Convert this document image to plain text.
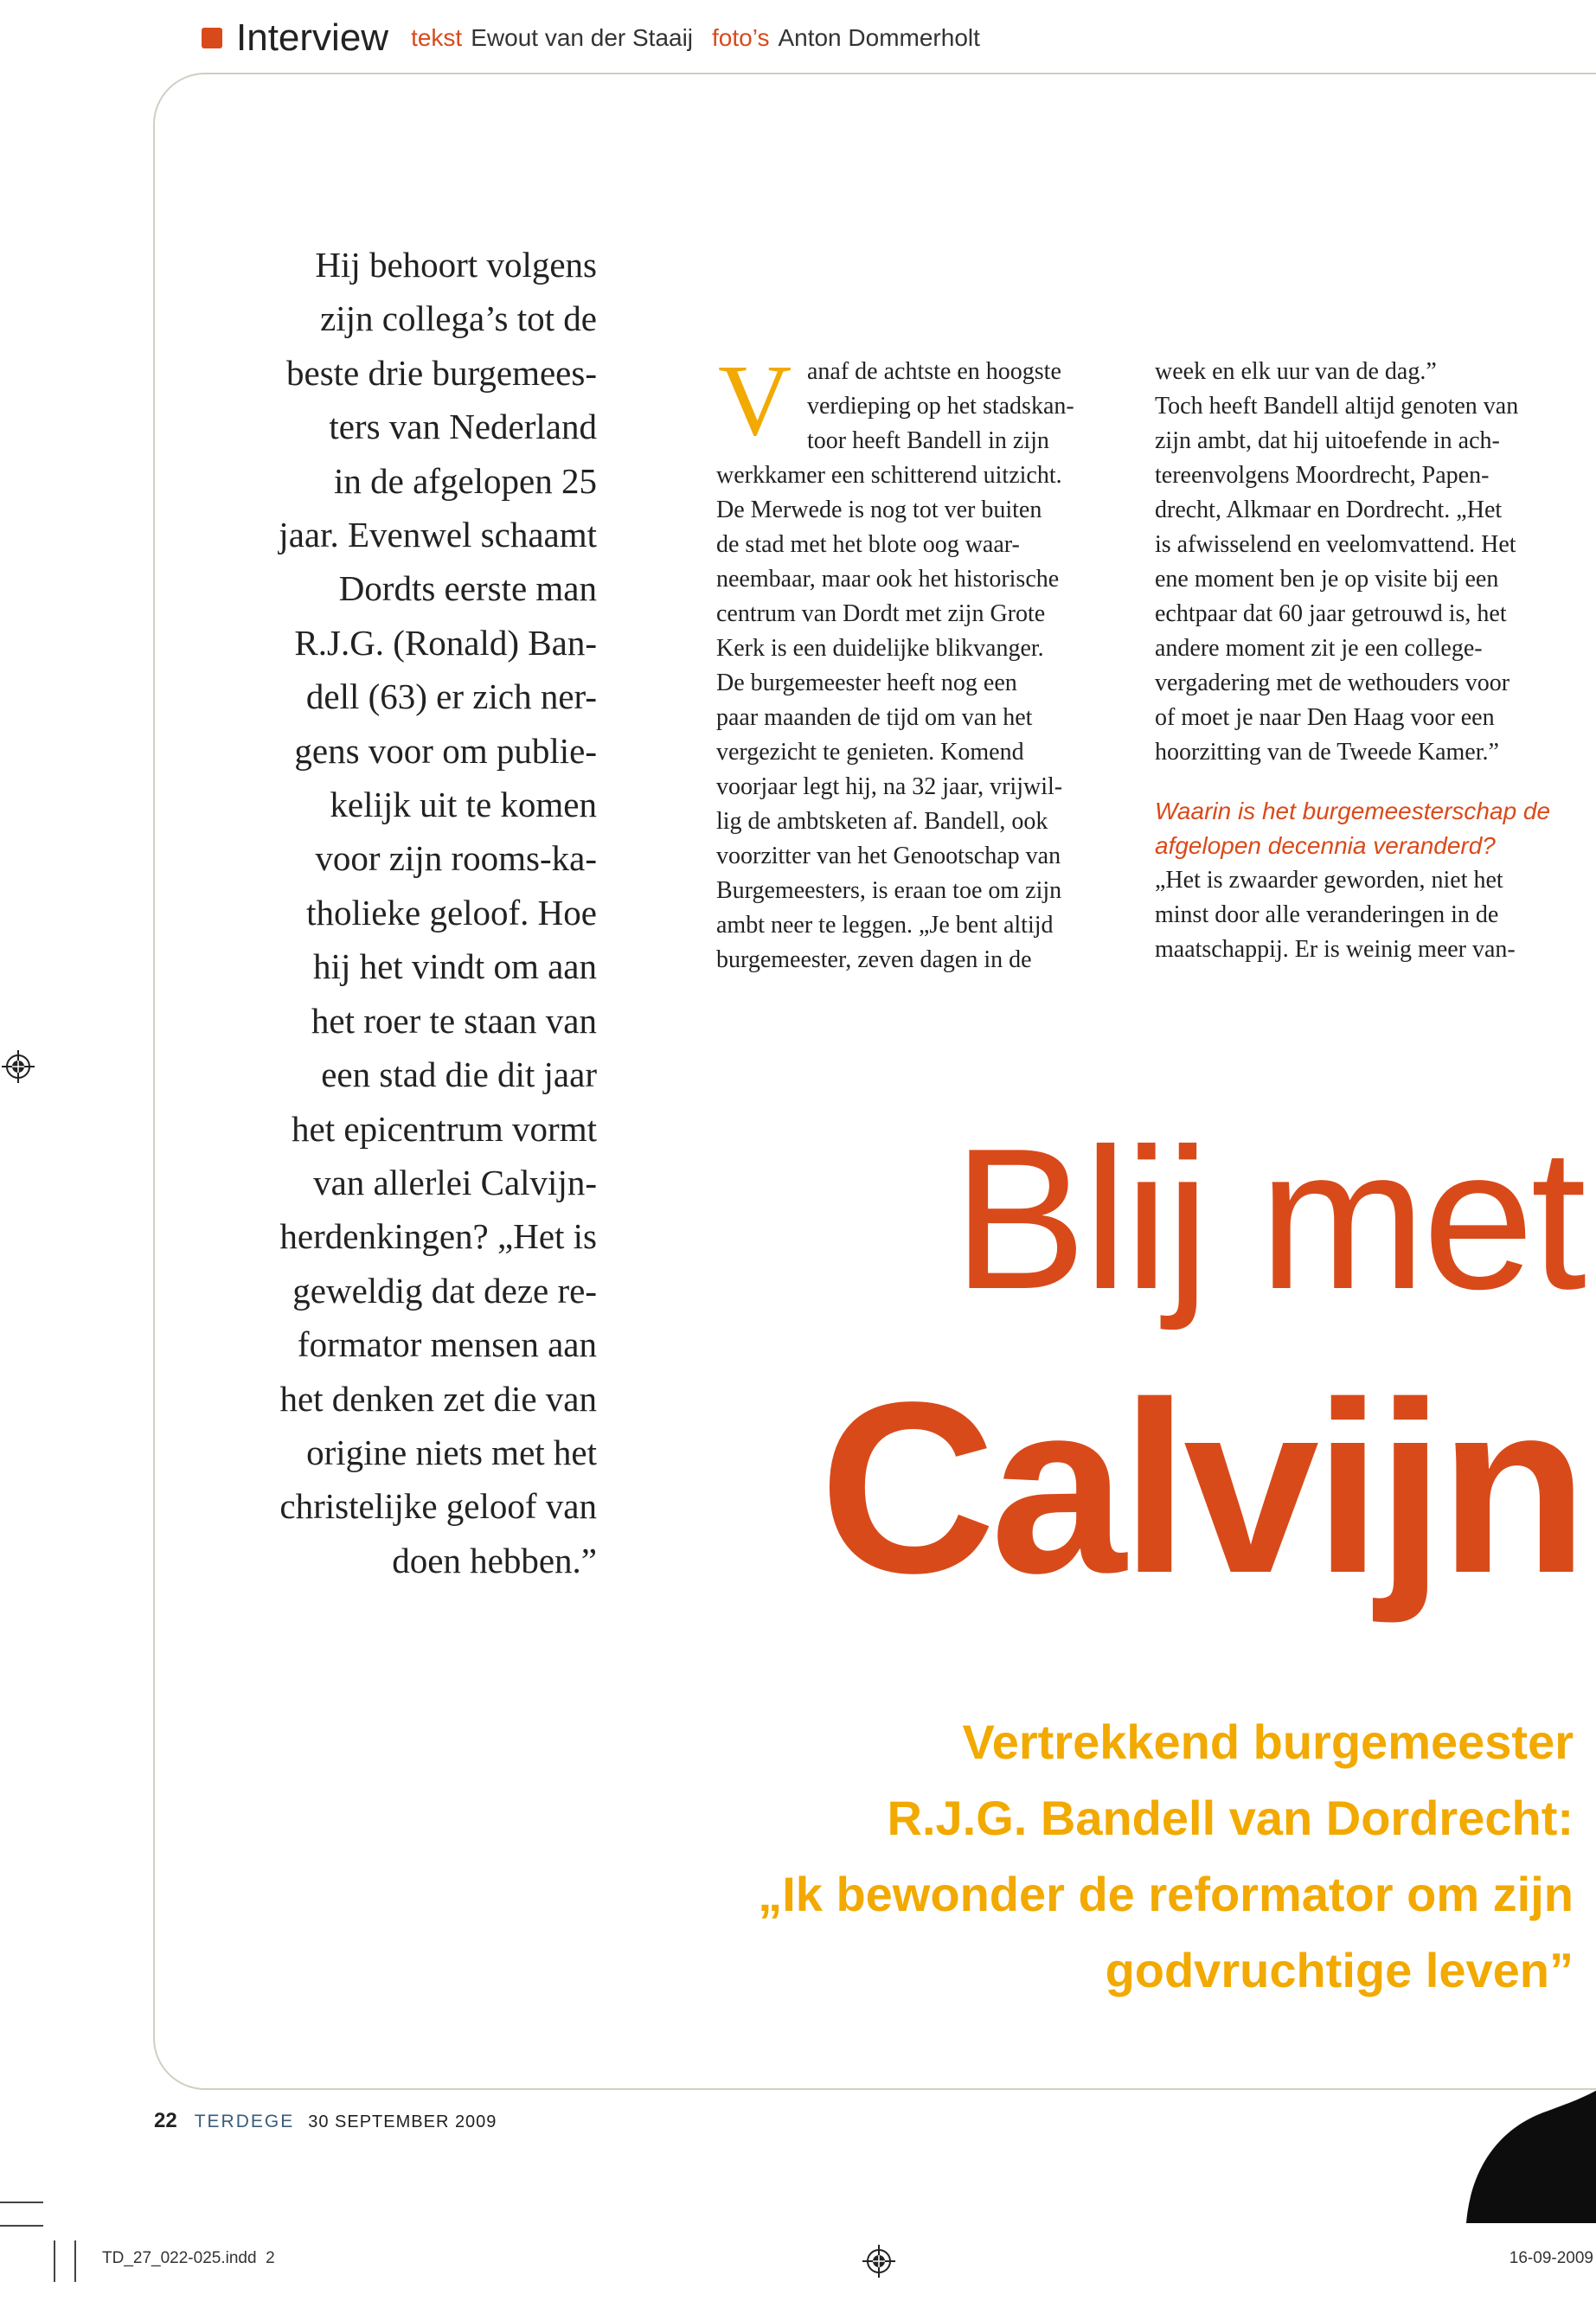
Interview tekst Ewout van der Staaij foto’s Anton Dommerholt
Hij behoort volgens
zijn collega’s tot de
beste drie burgemees-
ters van Nederland
in de afgelopen 25
jaar. Evenwel schaamt
Dordts eerste man
R.J.G. (Ronald) Ban-
dell (63) er zich ner-
gens voor om publie-
kelijk uit te komen
voor zijn rooms-ka-
tholieke geloof. Hoe
hij het vindt om aan
het roer te staan van
een stad die dit jaar
het epicentrum vormt
van allerlei Calvijn-
herdenkingen? „Het is
geweldig dat deze re-
formator mensen aan
het denken zet die van
origine niets met het
christelijke geloof van
doen hebben.”
V anaf de achtste en hoogste
verdieping op het stadskan-
toor heeft Bandell in zijn
werkkamer een schitterend uitzicht.
De Merwede is nog tot ver buiten
de stad met het blote oog waar-
neembaar, maar ook het historische
centrum van Dordt met zijn Grote
Kerk is een duidelijke blikvanger.
De burgemeester heeft nog een
paar maanden de tijd om van het
vergezicht te genieten. Komend
voorjaar legt hij, na 32 jaar, vrijwil-
lig de ambtsketen af. Bandell, ook
voorzitter van het Genootschap van
Burgemeesters, is eraan toe om zijn
ambt neer te leggen. „Je bent altijd
burgemeester, zeven dagen in de
week en elk uur van de dag.”
Toch heeft Bandell altijd genoten van
zijn ambt, dat hij uitoefende in ach-
tereenvolgens Moordrecht, Papen-
drecht, Alkmaar en Dordrecht. „Het
is afwisselend en veelomvattend. Het
ene moment ben je op visite bij een
echtpaar dat 60 jaar getrouwd is, het
andere moment zit je een college-
vergadering met de wethouders voor
of moet je naar Den Haag voor een
hoorzitting van de Tweede Kamer.”
Waarin is het burgemeesterschap de
afgelopen decennia veranderd?
„Het is zwaarder geworden, niet het
minst door alle veranderingen in de
maatschappij. Er is weinig meer van-
Blij met
Calvijn
Vertrekkend burgemeester
R.J.G. Bandell van Dordrecht:
„Ik bewonder de reformator om zijn
godvruchtige leven”
22 TERDEGE 30 SEPTEMBER 2009
TD_27_022-025.indd 2	16-09-2009
